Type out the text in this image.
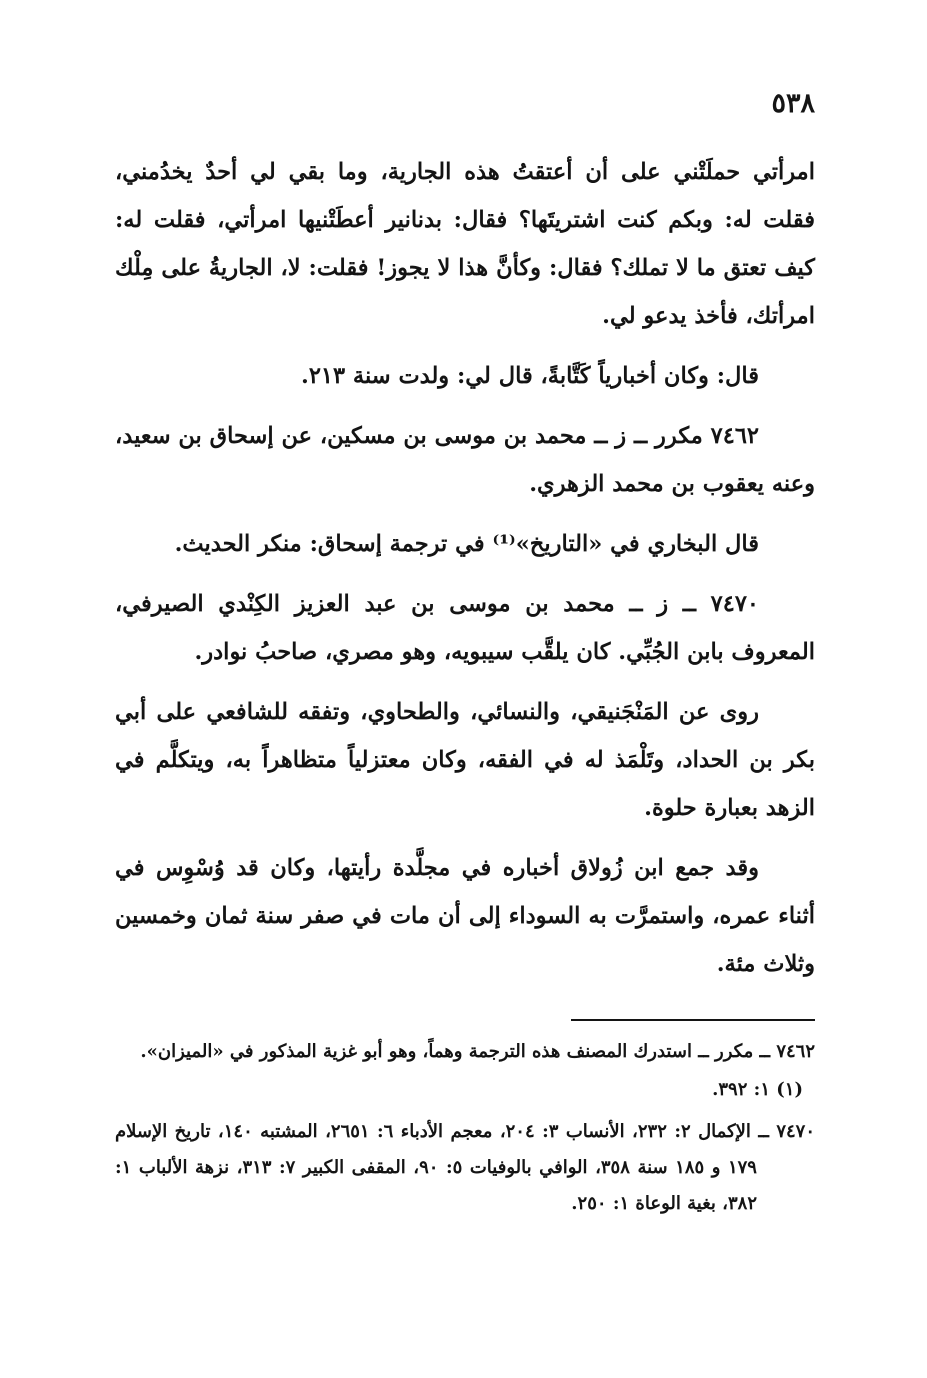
٥٣٨

امرأتي حملَتْني على أن أعتقتُ هذه الجارية، وما بقي لي أحدٌ يخدُمني، فقلت له: وبكم كنت اشتريتَها؟ فقال: بدنانير أعطَتْنيها امرأتي، فقلت له: كيف تعتق ما لا تملك؟ فقال: وكأنَّ هذا لا يجوز! فقلت: لا، الجاريةُ على مِلْك امرأتك، فأخذ يدعو لي.

قال: وكان أخبارياً كَتَّابةً، قال لي: ولدت سنة ٢١٣.

٧٤٦٢ مكرر ــ ز ــ محمد بن موسى بن مسكين، عن إسحاق بن سعيد، وعنه يعقوب بن محمد الزهري.

قال البخاري في «التاريخ»⁽¹⁾ في ترجمة إسحاق: منكر الحديث.

٧٤٧٠ ــ ز ــ محمد بن موسى بن عبد العزيز الكِنْدي الصيرفي، المعروف بابن الجُبِّي. كان يلقَّب سيبويه، وهو مصري، صاحبُ نوادر.

روى عن المَنْجَنيقي، والنسائي، والطحاوي، وتفقه للشافعي على أبي بكر بن الحداد، وتَلْمَذ له في الفقه، وكان معتزلياً متظاهراً به، ويتكلَّم في الزهد بعبارة حلوة.

وقد جمع ابن زُولاق أخباره في مجلَّدة رأيتها، وكان قد وُسْوِس في أثناء عمره، واستمرَّت به السوداء إلى أن مات في صفر سنة ثمان وخمسين وثلاث مئة.

٧٤٦٢ ــ مكرر ــ استدرك المصنف هذه الترجمة وهماً، وهو أبو غزية المذكور في «الميزان».

(١) ١: ٣٩٢.

٧٤٧٠ ــ الإكمال ٢: ٢٣٢، الأنساب ٣: ٢٠٤، معجم الأدباء ٦: ٢٦٥١، المشتبه ١٤٠، تاريخ الإسلام ١٧٩ و ١٨٥ سنة ٣٥٨، الوافي بالوفيات ٥: ٩٠، المقفى الكبير ٧: ٣١٣، نزهة الألباب ١: ٣٨٢، بغية الوعاة ١: ٢٥٠.
